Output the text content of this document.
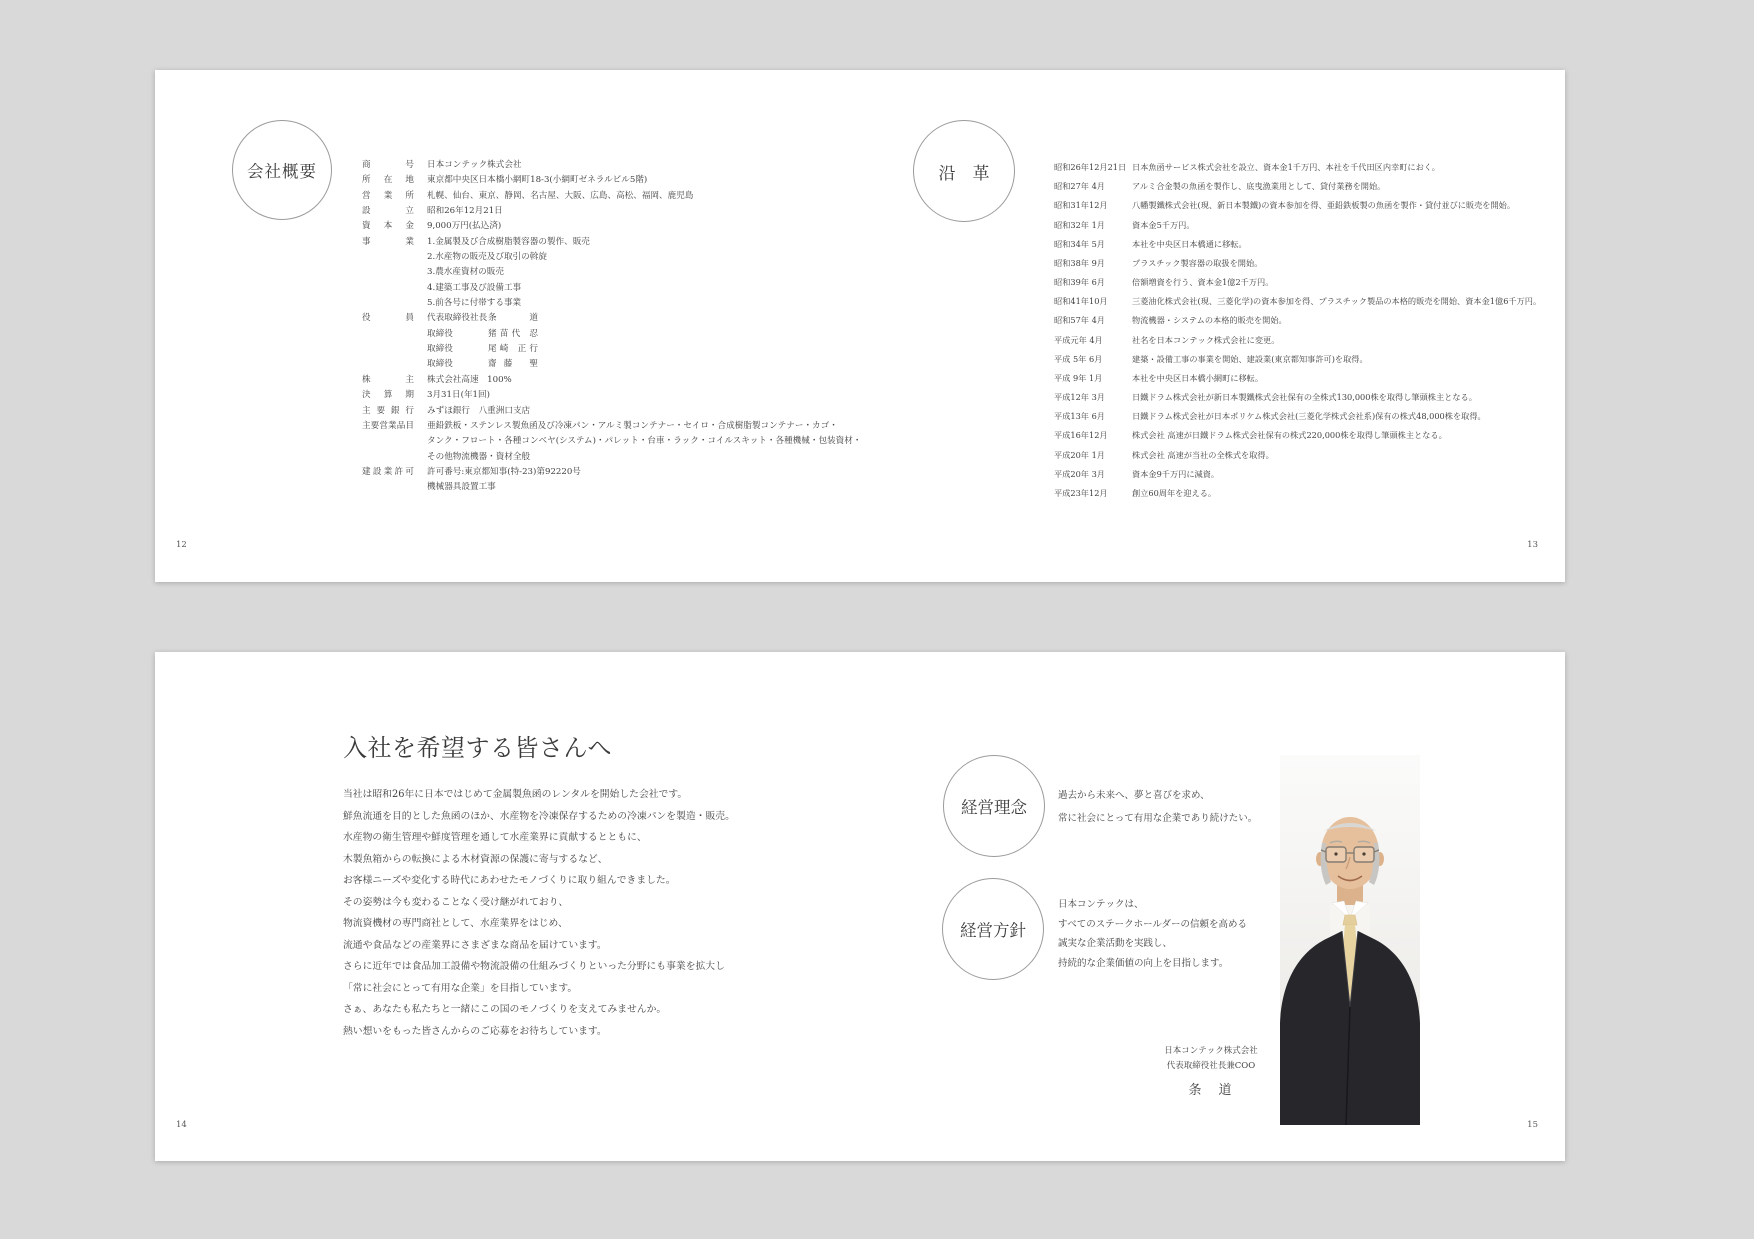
会社概要	商号 日本コンテック株式会社
所在地 東京都中央区日本橋小網町18-3(小網町ゼネラルビル5階)
営業所 札幌、仙台、東京、静岡、名古屋、大阪、広島、高松、福岡、鹿児島
設立 昭和26年12月21日
資本金 9,000万円(払込済)
事業 1.金属製及び合成樹脂製容器の製作、販売
2.水産物の販売及び取引の斡旋
3.農水産資材の販売
4.建築工事及び設備工事
5.前各号に付帯する事業
役員 代表取締役社長条 道
取締役	猪苗代 忍
取締役	尾崎 正行
取締役	齋藤 聖
株主 株式会社高速　100%
決算期 3月31日(年1回)
主要銀行 みずほ銀行　八重洲口支店
主要営業品目 亜鉛鉄板・ステンレス製魚函及び冷凍パン・アルミ製コンテナー・セイロ・合成樹脂製コンテナー・カゴ・
タンク・フロート・各種コンベヤ(システム)・パレット・台車・ラック・コイルスキット・各種機械・包装資材・
その他物流機器・資材全般
建設業許可 許可番号:東京都知事(特-23)第92220号
機械器具設置工事
沿　革	昭和26年12月21日 日本魚函サービス株式会社を設立、資本金1千万円、本社を千代田区内幸町におく。
昭和27年 4月	アルミ合金製の魚函を製作し、底曳漁業用として、貸付業務を開始。
昭和31年12月	八幡製鐵株式会社(現、新日本製鐵)の資本参加を得、亜鉛鉄板製の魚函を製作・貸付並びに販売を開始。
昭和32年 1月	資本金5千万円。
昭和34年 5月	本社を中央区日本橋通に移転。
昭和38年 9月	プラスチック製容器の取扱を開始。
昭和39年 6月	倍額増資を行う、資本金1億2千万円。
昭和41年10月	三菱油化株式会社(現、三菱化学)の資本参加を得、プラスチック製品の本格的販売を開始、資本金1億6千万円。
昭和57年 4月	物流機器・システムの本格的販売を開始。
平成元年 4月	社名を日本コンテック株式会社に変更。
平成 5年 6月	建築・設備工事の事業を開始、建設業(東京都知事許可)を取得。
平成 9年 1月	本社を中央区日本橋小網町に移転。
平成12年 3月	日鐵ドラム株式会社が新日本製鐵株式会社保有の全株式130,000株を取得し筆頭株主となる。
平成13年 6月	日鐵ドラム株式会社が日本ポリケム株式会社(三菱化学株式会社系)保有の株式48,000株を取得。
平成16年12月	株式会社 高速が日鐵ドラム株式会社保有の株式220,000株を取得し筆頭株主となる。
平成20年 1月	株式会社 高速が当社の全株式を取得。
平成20年 3月	資本金9千万円に減資。
平成23年12月	創立60周年を迎える。
12	13
入社を希望する皆さんへ
当社は昭和26年に日本ではじめて金属製魚函のレンタルを開始した会社です。
鮮魚流通を目的とした魚函のほか、水産物を冷凍保存するための冷凍パンを製造・販売。
水産物の衛生管理や鮮度管理を通して水産業界に貢献するとともに、
木製魚箱からの転換による木材資源の保護に寄与するなど、
お客様ニーズや変化する時代にあわせたモノづくりに取り組んできました。
その姿勢は今も変わることなく受け継がれており、
物流資機材の専門商社として、水産業界をはじめ、
流通や食品などの産業界にさまざまな商品を届けています。
さらに近年では食品加工設備や物流設備の仕組みづくりといった分野にも事業を拡大し
「常に社会にとって有用な企業」を目指しています。
さぁ、あなたも私たちと一緒にこの国のモノづくりを支えてみませんか。
熱い想いをもった皆さんからのご応募をお待ちしています。
経営理念
過去から未来へ、夢と喜びを求め、
常に社会にとって有用な企業であり続けたい。
経営方針
日本コンテックは、
すべてのステークホールダーの信頼を高める
誠実な企業活動を実践し、
持続的な企業価値の向上を目指します。
日本コンテック株式会社
代表取締役社長兼COO
条　道
14	15
